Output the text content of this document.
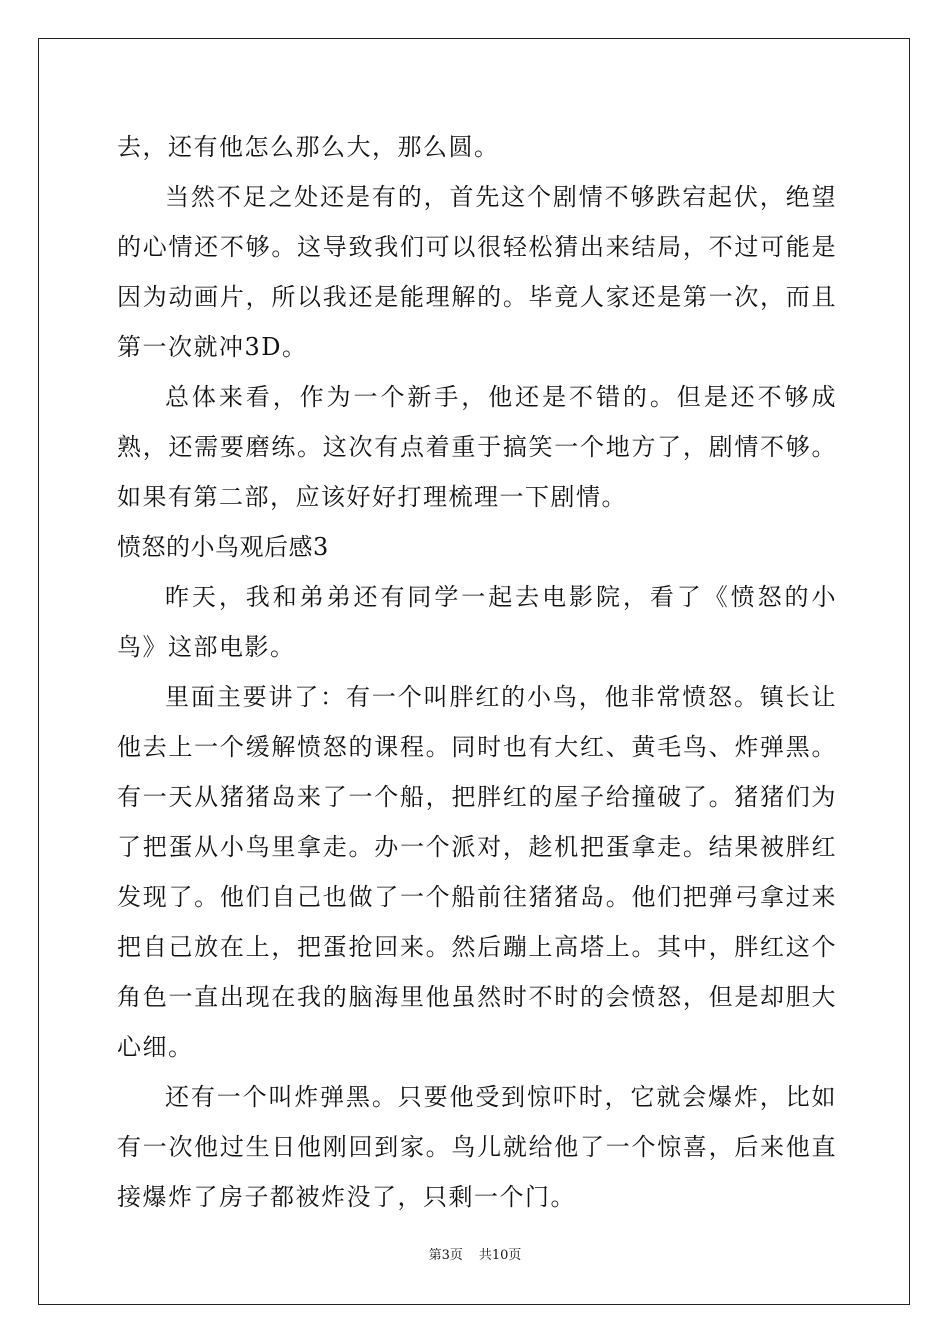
去，还有他怎么那么大，那么圆。

当然不足之处还是有的，首先这个剧情不够跌宕起伏，绝望的心情还不够。这导致我们可以很轻松猜出来结局，不过可能是因为动画片，所以我还是能理解的。毕竟人家还是第一次，而且第一次就冲3D。

总体来看，作为一个新手，他还是不错的。但是还不够成熟，还需要磨练。这次有点着重于搞笑一个地方了，剧情不够。如果有第二部，应该好好打理梳理一下剧情。

愤怒的小鸟观后感3

昨天，我和弟弟还有同学一起去电影院，看了《愤怒的小鸟》这部电影。

里面主要讲了：有一个叫胖红的小鸟，他非常愤怒。镇长让他去上一个缓解愤怒的课程。同时也有大红、黄毛鸟、炸弹黑。有一天从猪猪岛来了一个船，把胖红的屋子给撞破了。猪猪们为了把蛋从小鸟里拿走。办一个派对，趁机把蛋拿走。结果被胖红发现了。他们自己也做了一个船前往猪猪岛。他们把弹弓拿过来把自己放在上，把蛋抢回来。然后蹦上高塔上。其中，胖红这个角色一直出现在我的脑海里他虽然时不时的会愤怒，但是却胆大心细。

还有一个叫炸弹黑。只要他受到惊吓时，它就会爆炸，比如有一次他过生日他刚回到家。鸟儿就给他了一个惊喜，后来他直接爆炸了房子都被炸没了，只剩一个门。

第3页 共10页
